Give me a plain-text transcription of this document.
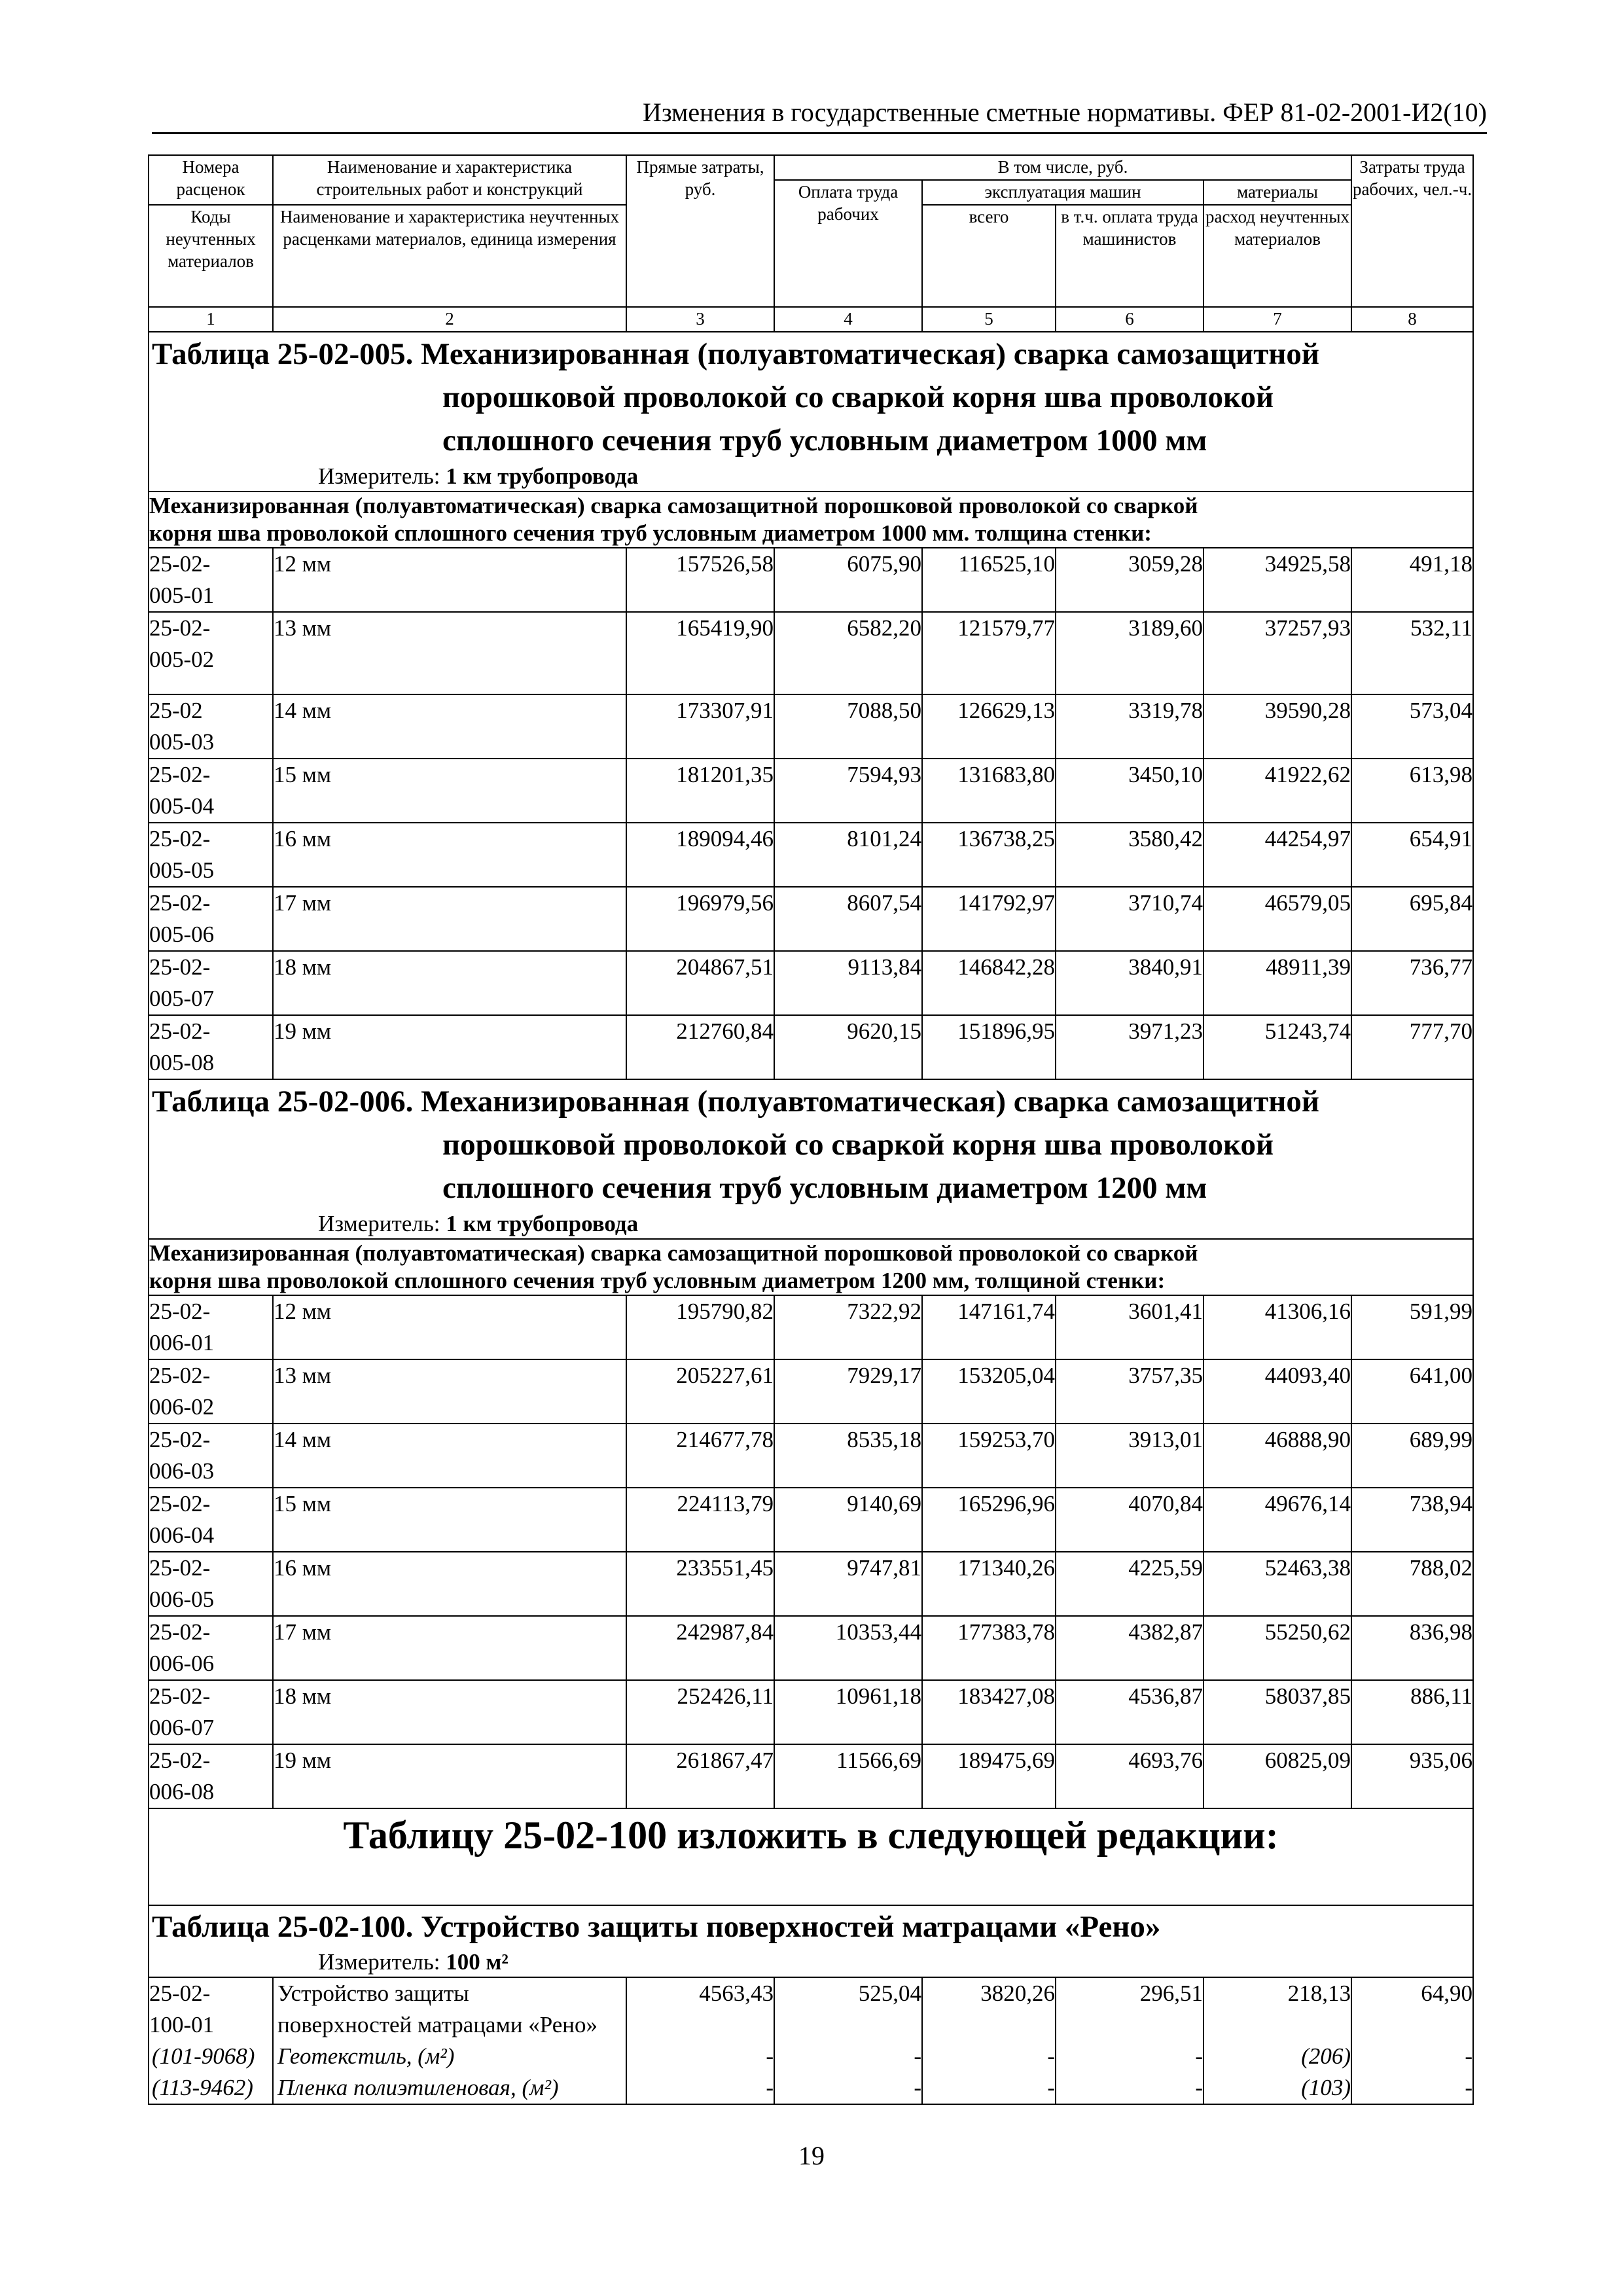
Изменения в государственные сметные нормативы. ФЕР 81-02-2001-И2(10)
Номера расценок	Наименование и характеристика строительных работ и конструкций	Прямые затраты, руб.	В том числе, руб.				Затраты труда рабочих, чел.-ч.
			Оплата труда рабочих	эксплуатация машин		материалы	
Коды неучтенных материалов	Наименование и характеристика неучтенных расценками материалов, единица измерения			всего	в т.ч. оплата труда машинистов	расход неучтенных материалов	

1	2	3	4	5	6	7	8

Таблица 25-02-005. Механизированная (полуавтоматическая) сварка самозащитной
порошковой проволокой со сваркой корня шва проволокой
сплошного сечения труб условным диаметром 1000 мм
Измеритель: 1 км трубопровода							

Механизированная (полуавтоматическая) сварка самозащитной порошковой проволокой со сваркой
корня шва проволокой сплошного сечения труб условным диаметром 1000 мм. толщина стенки:							
25-02-
005-01	12 мм	157526,58	6075,90	116525,10	3059,28	34925,58	491,18
25-02-
005-02	13 мм	165419,90	6582,20	121579,77	3189,60	37257,93	532,11
25-02
005-03	14 мм	173307,91	7088,50	126629,13	3319,78	39590,28	573,04
25-02-
005-04	15 мм	181201,35	7594,93	131683,80	3450,10	41922,62	613,98
25-02-
005-05	16 мм	189094,46	8101,24	136738,25	3580,42	44254,97	654,91
25-02-
005-06	17 мм	196979,56	8607,54	141792,97	3710,74	46579,05	695,84
25-02-
005-07	18 мм	204867,51	9113,84	146842,28	3840,91	48911,39	736,77
25-02-
005-08	19 мм	212760,84	9620,15	151896,95	3971,23	51243,74	777,70

Таблица 25-02-006. Механизированная (полуавтоматическая) сварка самозащитной
порошковой проволокой со сваркой корня шва проволокой
сплошного сечения труб условным диаметром 1200 мм
Измеритель: 1 км трубопровода							

Механизированная (полуавтоматическая) сварка самозащитной порошковой проволокой со сваркой
корня шва проволокой сплошного сечения труб условным диаметром 1200 мм, толщиной стенки:							
25-02-
006-01	12 мм	195790,82	7322,92	147161,74	3601,41	41306,16	591,99
25-02-
006-02	13 мм	205227,61	7929,17	153205,04	3757,35	44093,40	641,00
25-02-
006-03	14 мм	214677,78	8535,18	159253,70	3913,01	46888,90	689,99
25-02-
006-04	15 мм	224113,79	9140,69	165296,96	4070,84	49676,14	738,94
25-02-
006-05	16 мм	233551,45	9747,81	171340,26	4225,59	52463,38	788,02
25-02-
006-06	17 мм	242987,84	10353,44	177383,78	4382,87	55250,62	836,98
25-02-
006-07	18 мм	252426,11	10961,18	183427,08	4536,87	58037,85	886,11
25-02-
006-08	19 мм	261867,47	11566,69	189475,69	4693,76	60825,09	935,06
Таблицу 25-02-100 изложить в следующей редакции:							

Таблица 25-02-100. Устройство защиты поверхностей матрацами «Рено»
Измеритель: 100 м²							

25-02-
100-01	Устройство защиты
поверхностей матрацами «Рено»	4563,43	525,04	3820,26	296,51	218,13	64,90
(101-9068)	Геотекстиль, (м²)	-	-	-	-	(206)	-
(113-9462)	Пленка полиэтиленовая, (м²)	-	-	-	-	(103)	-
19
